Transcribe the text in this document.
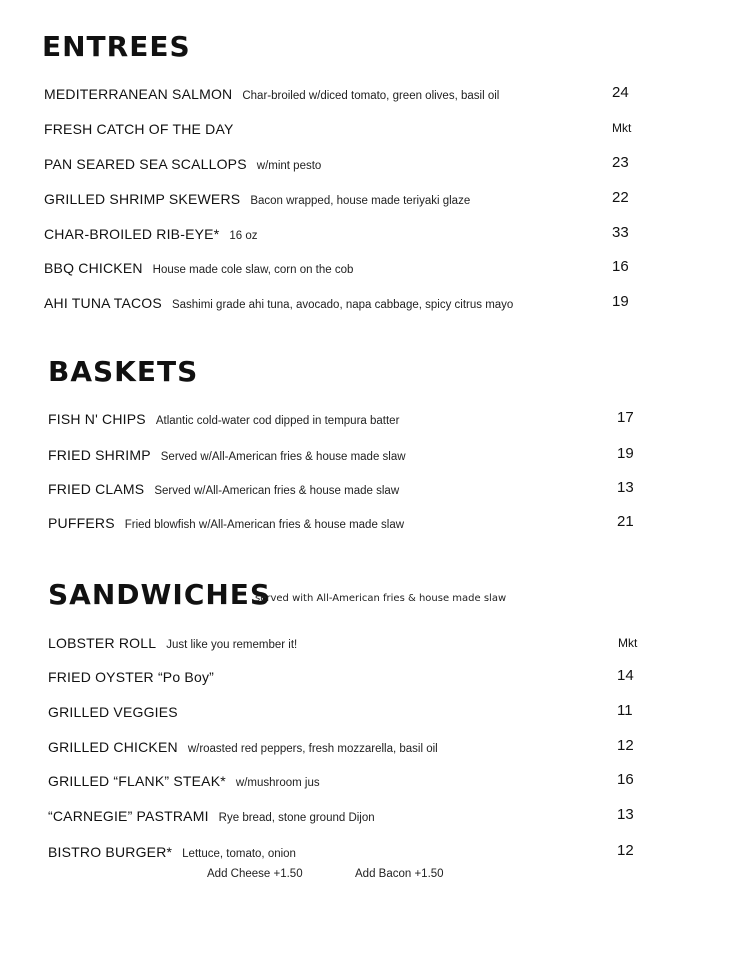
ENTREES
MEDITERRANEAN SALMON Char-broiled w/diced tomato, green olives, basil oil	24
FRESH CATCH OF THE DAY	Mkt
PAN SEARED SEA SCALLOPS w/mint pesto	23
GRILLED SHRIMP SKEWERS Bacon wrapped, house made teriyaki glaze	22
CHAR-BROILED RIB-EYE* 16 oz	33
BBQ CHICKEN House made cole slaw, corn on the cob	16
AHI TUNA TACOS Sashimi grade ahi tuna, avocado, napa cabbage, spicy citrus mayo	19
BASKETS
FISH N' CHIPS Atlantic cold-water cod dipped in tempura batter	17
FRIED SHRIMP Served w/All-American fries & house made slaw	19
FRIED CLAMS Served w/All-American fries & house made slaw	13
PUFFERS Fried blowfish w/All-American fries & house made slaw	21
SANDWICHES
served with All-American fries & house made slaw
LOBSTER ROLL Just like you remember it!	Mkt
FRIED OYSTER “Po Boy”	14
GRILLED VEGGIES	11
GRILLED CHICKEN w/roasted red peppers, fresh mozzarella, basil oil	12
GRILLED “FLANK” STEAK* w/mushroom jus	16
“CARNEGIE” PASTRAMI Rye bread, stone ground Dijon	13
BISTRO BURGER* Lettuce, tomato, onion	12
Add Cheese +1.50	Add Bacon +1.50
